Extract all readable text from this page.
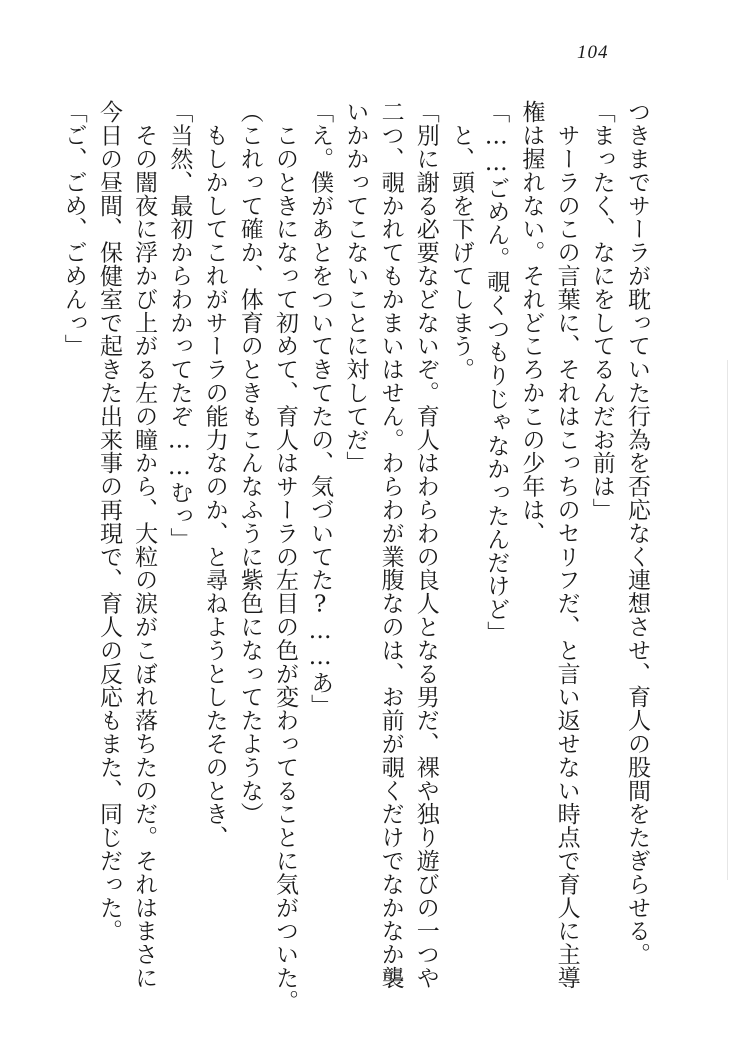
104

つきまでサーラが耽っていた行為を否応なく連想させ、育人の股間をたぎらせる。

「まったく、なにをしてるんだお前は」

　サーラのこの言葉に、それはこっちのセリフだ、と言い返せない時点で育人に主導

権は握れない。それどころかこの少年は、

「……ごめん。覗くつもりじゃなかったんだけど」

　と、頭を下げてしまう。

「別に謝る必要などないぞ。育人はわらわの良人となる男だ、裸や独り遊びの一つや

二つ、覗かれてもかまいはせん。わらわが業腹なのは、お前が覗くだけでなかなか襲

いかかってこないことに対してだ」

「え。僕があとをついてきてたの、気づいてた?……あ」

　このときになって初めて、育人はサーラの左目の色が変わってることに気がついた。

（これって確か、体育のときもこんなふうに紫色になってたような）

　もしかしてこれがサーラの能力なのか、と尋ねようとしたそのとき、

「当然、最初からわかってたぞ……むっ」

　その闇夜に浮かび上がる左の瞳から、大粒の涙がこぼれ落ちたのだ。それはまさに

今日の昼間、保健室で起きた出来事の再現で、育人の反応もまた、同じだった。

「ご、ごめ、ごめんっ」
